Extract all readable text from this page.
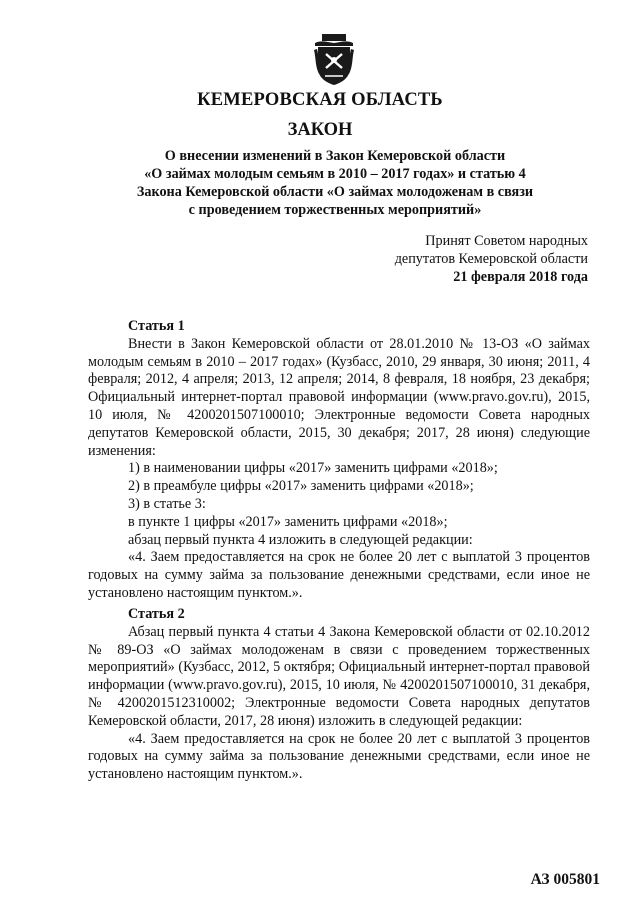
КЕМЕРОВСКАЯ ОБЛАСТЬ
ЗАКОН
О внесении изменений в Закон Кемеровской области
«О займах молодым семьям в 2010 – 2017 годах» и статью 4
Закона Кемеровской области «О займах молодоженам в связи
с проведением торжественных мероприятий»
Принят Советом народных
депутатов Кемеровской области
21 февраля 2018 года

Статья 1

Внести в Закон Кемеровской области от 28.01.2010 № 13-ОЗ «О займах молодым семьям в 2010 – 2017 годах» (Кузбасс, 2010, 29 января, 30 июня; 2011, 4 февраля; 2012, 4 апреля; 2013, 12 апреля; 2014, 8 февраля, 18 ноября, 23 декабря; Официальный интернет-портал правовой информации (www.pravo.gov.ru), 2015, 10 июля, № 4200201507100010; Электронные ведомости Совета народных депутатов Кемеровской области, 2015, 30 декабря; 2017, 28 июня) следующие изменения:

1) в наименовании цифры «2017» заменить цифрами «2018»;

2) в преамбуле цифры «2017» заменить цифрами «2018»;

3) в статье 3:

в пункте 1 цифры «2017» заменить цифрами «2018»;

абзац первый пункта 4 изложить в следующей редакции:

«4. Заем предоставляется на срок не более 20 лет с выплатой 3 процентов годовых на сумму займа за пользование денежными средствами, если иное не установлено настоящим пунктом.».

Статья 2

Абзац первый пункта 4 статьи 4 Закона Кемеровской области от 02.10.2012 № 89-ОЗ «О займах молодоженам в связи с проведением торжественных мероприятий» (Кузбасс, 2012, 5 октября; Официальный интернет-портал правовой информации (www.pravo.gov.ru), 2015, 10 июля, № 4200201507100010, 31 декабря, № 4200201512310002; Электронные ведомости Совета народных депутатов Кемеровской области, 2017, 28 июня) изложить в следующей редакции:

«4. Заем предоставляется на срок не более 20 лет с выплатой 3 процентов годовых на сумму займа за пользование денежными средствами, если иное не установлено настоящим пунктом.».

АЗ 005801
